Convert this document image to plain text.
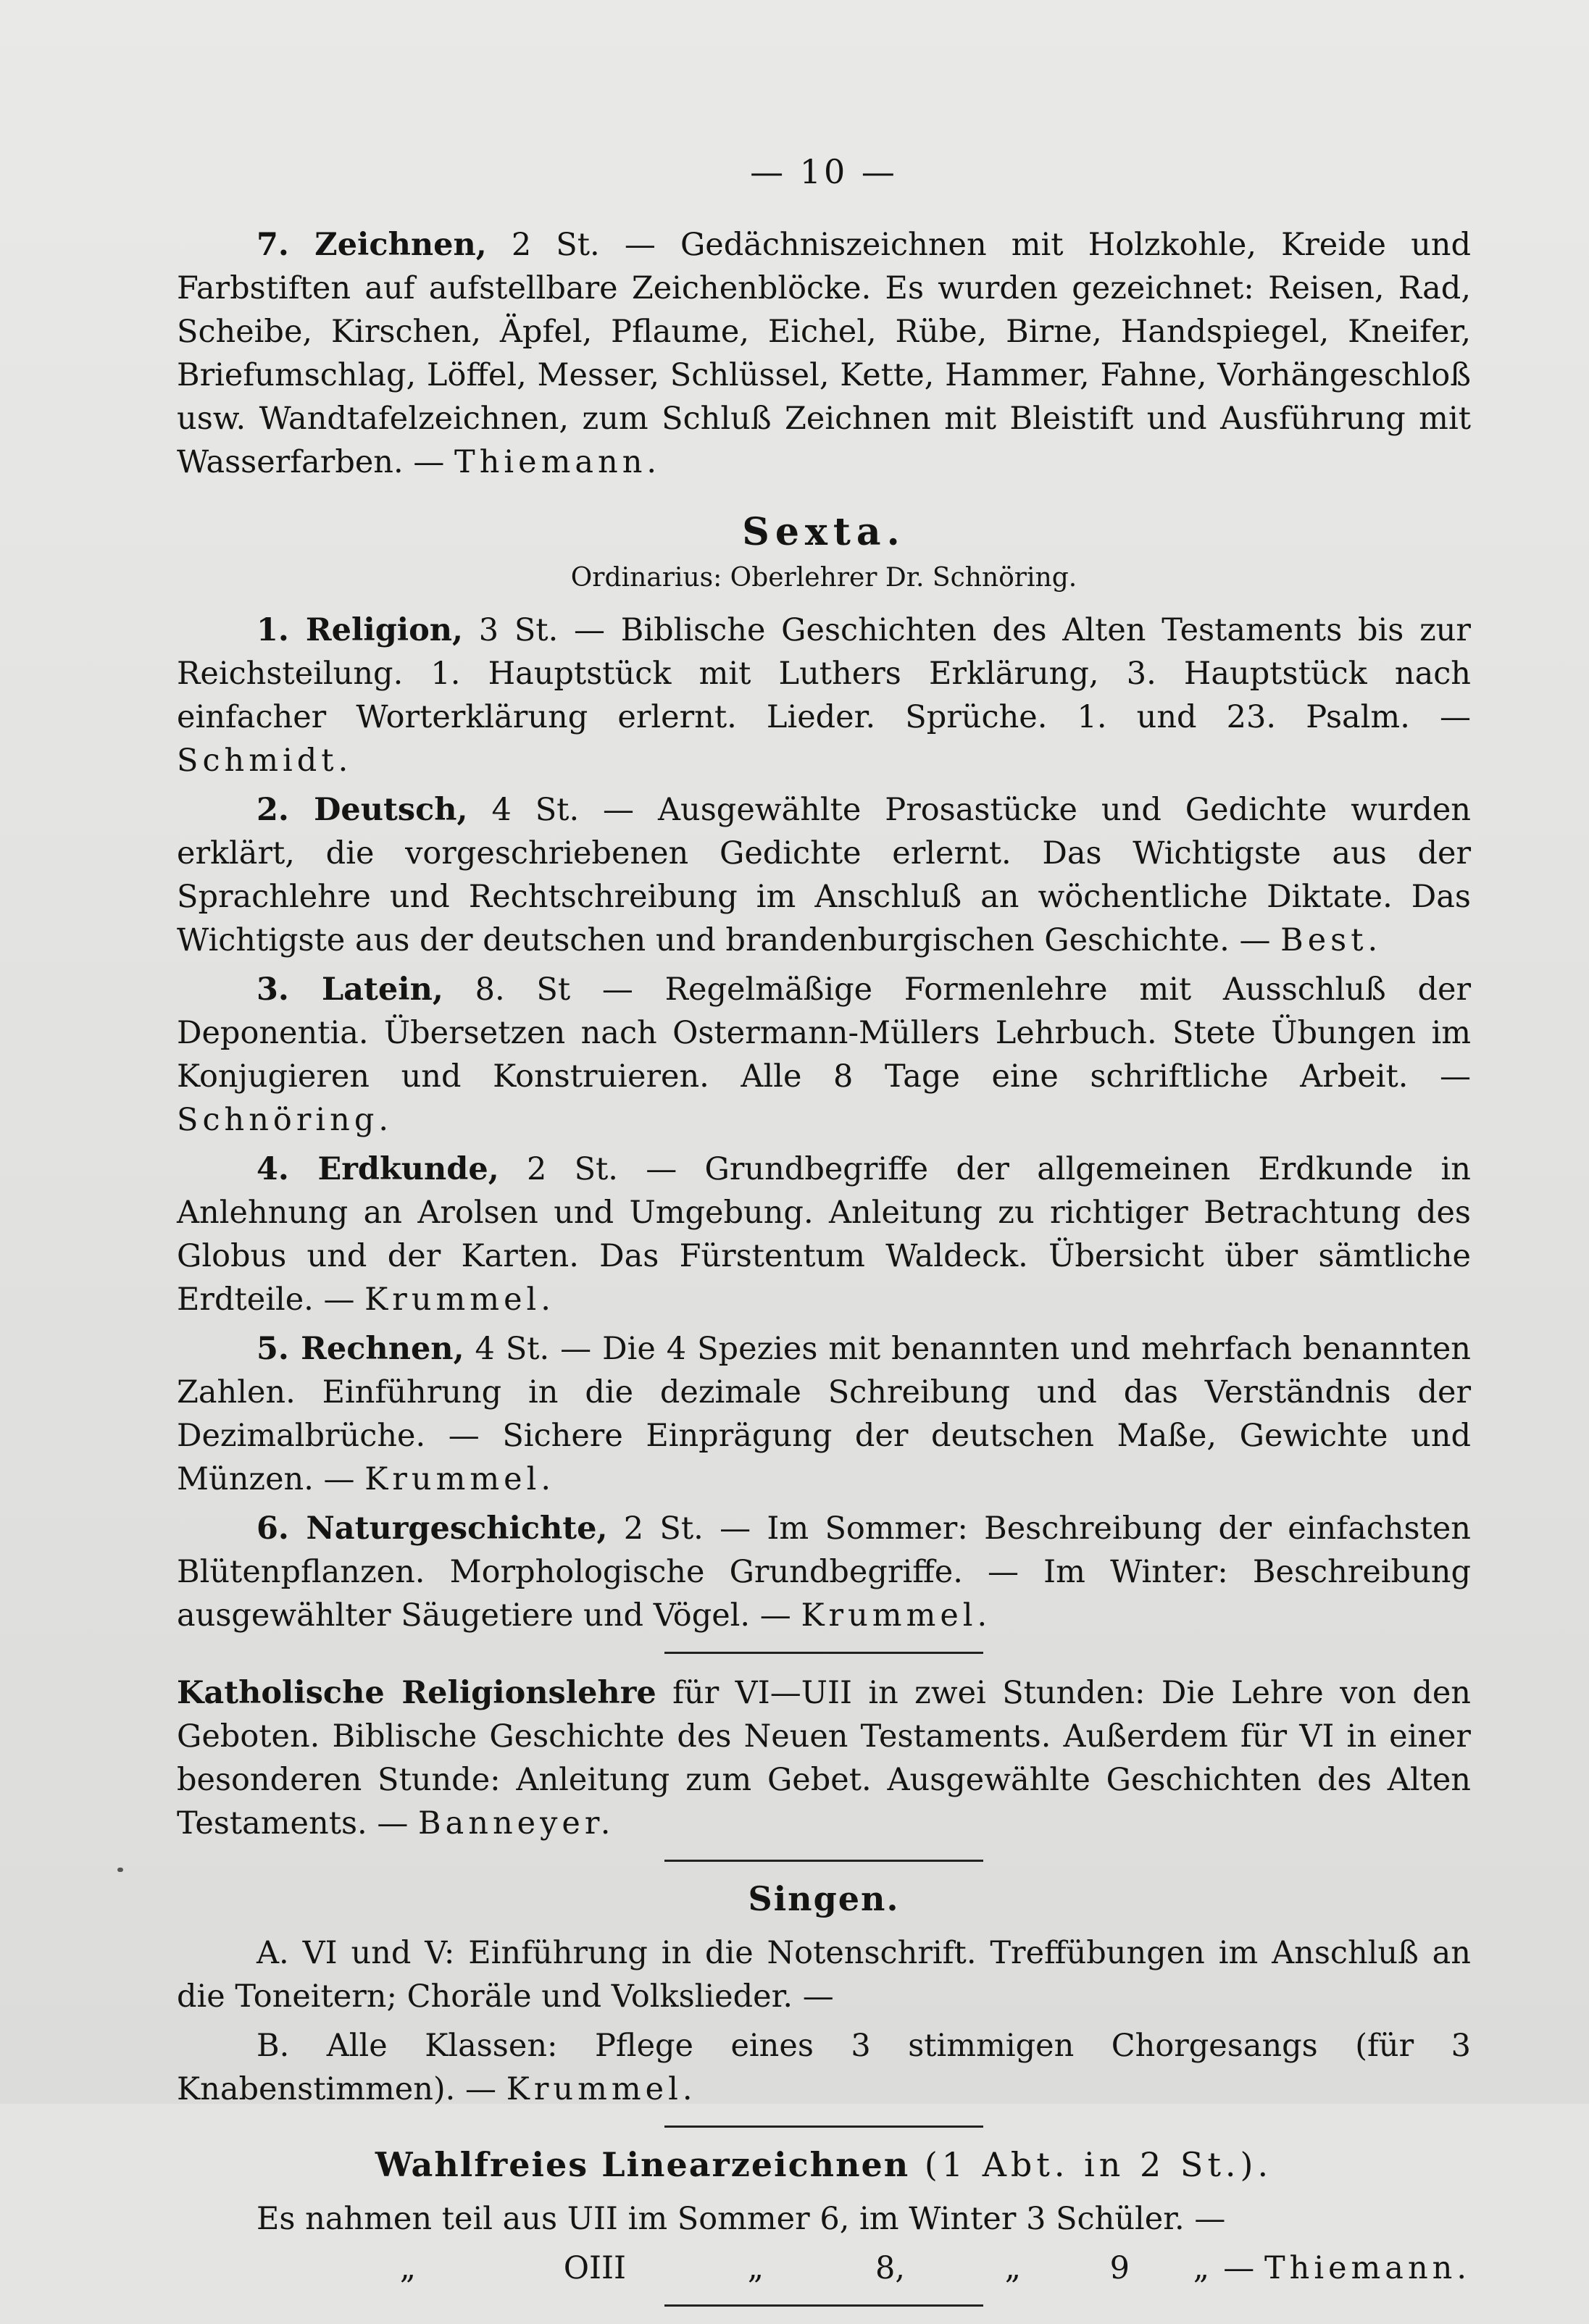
— 10 —

7. Zeichnen, 2 St. — Gedächniszeichnen mit Holzkohle, Kreide und Farbstiften auf aufstellbare Zeichenblöcke. Es wurden gezeichnet: Reisen, Rad, Scheibe, Kirschen, Äpfel, Pflaume, Eichel, Rübe, Birne, Handspiegel, Kneifer, Briefumschlag, Löffel, Messer, Schlüssel, Kette, Hammer, Fahne, Vorhängeschloß usw. Wandtafelzeichnen, zum Schluß Zeichnen mit Bleistift und Ausführung mit Wasserfarben. — Thiemann.

Sexta.
Ordinarius: Oberlehrer Dr. Schnöring.

1. Religion, 3 St. — Biblische Geschichten des Alten Testaments bis zur Reichsteilung. 1. Hauptstück mit Luthers Erklärung, 3. Hauptstück nach einfacher Worterklärung erlernt. Lieder. Sprüche. 1. und 23. Psalm. — Schmidt.

2. Deutsch, 4 St. — Ausgewählte Prosastücke und Gedichte wurden erklärt, die vorgeschriebenen Gedichte erlernt. Das Wichtigste aus der Sprachlehre und Rechtschreibung im Anschluß an wöchentliche Diktate. Das Wichtigste aus der deutschen und brandenburgischen Geschichte. — Best.

3. Latein, 8. St — Regelmäßige Formenlehre mit Ausschluß der Deponentia. Übersetzen nach Ostermann-Müllers Lehrbuch. Stete Übungen im Konjugieren und Konstruieren. Alle 8 Tage eine schriftliche Arbeit. —Schnöring.

4. Erdkunde, 2 St. — Grundbegriffe der allgemeinen Erdkunde in Anlehnung an Arolsen und Umgebung. Anleitung zu richtiger Betrachtung des Globus und der Karten. Das Fürstentum Waldeck. Übersicht über sämtliche Erdteile. — Krummel.

5. Rechnen, 4 St. — Die 4 Spezies mit benannten und mehrfach benannten Zahlen. Einführung in die dezimale Schreibung und das Verständnis der Dezimalbrüche. — Sichere Einprägung der deutschen Maße, Gewichte und Münzen. — Krummel.

6. Naturgeschichte, 2 St. — Im Sommer: Beschreibung der einfachsten Blütenpflanzen. Morphologische Grundbegriffe. — Im Winter: Beschreibung ausgewählter Säugetiere und Vögel. — Krummel.

Katholische Religionslehre für VI—UII in zwei Stunden: Die Lehre von den Geboten. Biblische Geschichte des Neuen Testaments. Außerdem für VI in einer besonderen Stunde: Anleitung zum Gebet. Ausgewählte Geschichten des Alten Testaments. — Banneyer.

Singen.

A. VI und V: Einführung in die Notenschrift. Treffübungen im Anschluß an die Toneitern; Choräle und Volkslieder. —

B. Alle Klassen: Pflege eines 3 stimmigen Chorgesangs (für 3 Knabenstimmen). — Krummel.

Wahlfreies Linearzeichnen (1 Abt. in 2 St.).

Es nahmen teil aus UII im Sommer 6, im Winter 3 Schüler. —

„	OIII	„	8,	„	9	„ — Thiemann.
